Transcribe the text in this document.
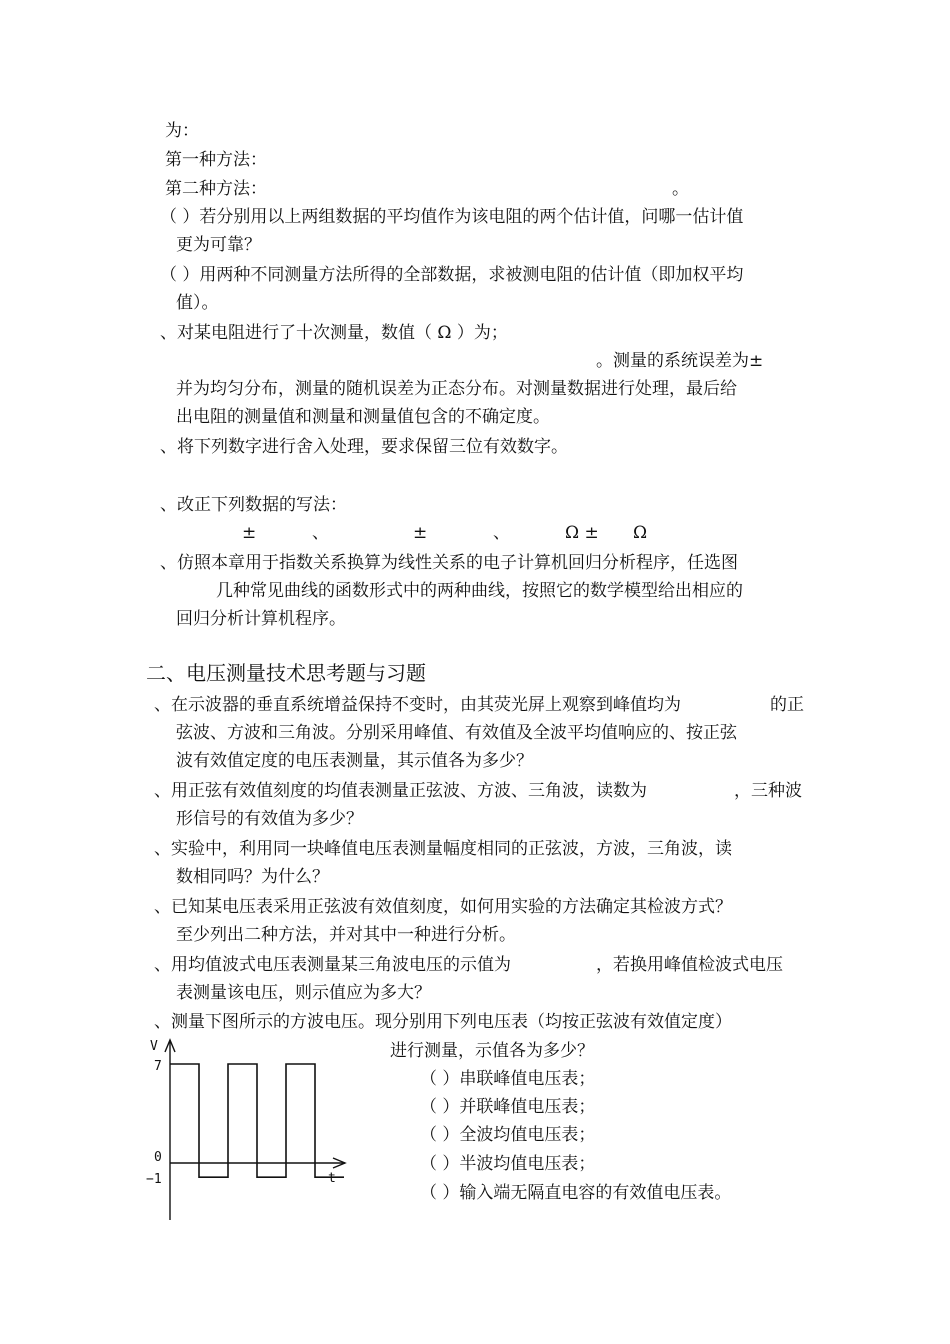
为：
第一种方法：
第二种方法：	。
（ ）若分别用以上两组数据的平均值作为该电阻的两个估计值，问哪一估计值
更为可靠？
（ ）用两种不同测量方法所得的全部数据，求被测电阻的估计值（即加权平均
值）。
、对某电阻进行了十次测量，数值（ Ω ）为；
。测量的系统误差为±
并为均匀分布，测量的随机误差为正态分布。对测量数据进行处理，最后给
出电阻的测量值和测量和测量值包含的不确定度。
、将下列数字进行舍入处理，要求保留三位有效数字。
、改正下列数据的写法：
±	、	±	、	Ω ± Ω
、仿照本章用于指数关系换算为线性关系的电子计算机回归分析程序，任选图
几种常见曲线的函数形式中的两种曲线，按照它的数学模型给出相应的
回归分析计算机程序。
二、电压测量技术思考题与习题
、在示波器的垂直系统增益保持不变时，由其荧光屏上观察到峰值均为	的正
弦波、方波和三角波。分别采用峰值、有效值及全波平均值响应的、按正弦
波有效值定度的电压表测量，其示值各为多少？
、用正弦有效值刻度的均值表测量正弦波、方波、三角波，读数为	，三种波
形信号的有效值为多少？
、实验中，利用同一块峰值电压表测量幅度相同的正弦波，方波，三角波，读
数相同吗？为什么？
、已知某电压表采用正弦波有效值刻度，如何用实验的方法确定其检波方式？
至少列出二种方法，并对其中一种进行分析。
、用均值波式电压表测量某三角波电压的示值为	，若换用峰值检波式电压
表测量该电压，则示值应为多大？
、测量下图所示的方波电压。现分别用下列电压表（均按正弦波有效值定度）
进行测量，示值各为多少？
（ ）串联峰值电压表；
（ ）并联峰值电压表；
（ ）全波均值电压表；
（ ）半波均值电压表；
（ ）输入端无隔直电容的有效值电压表。
V
t
7
0
−1
